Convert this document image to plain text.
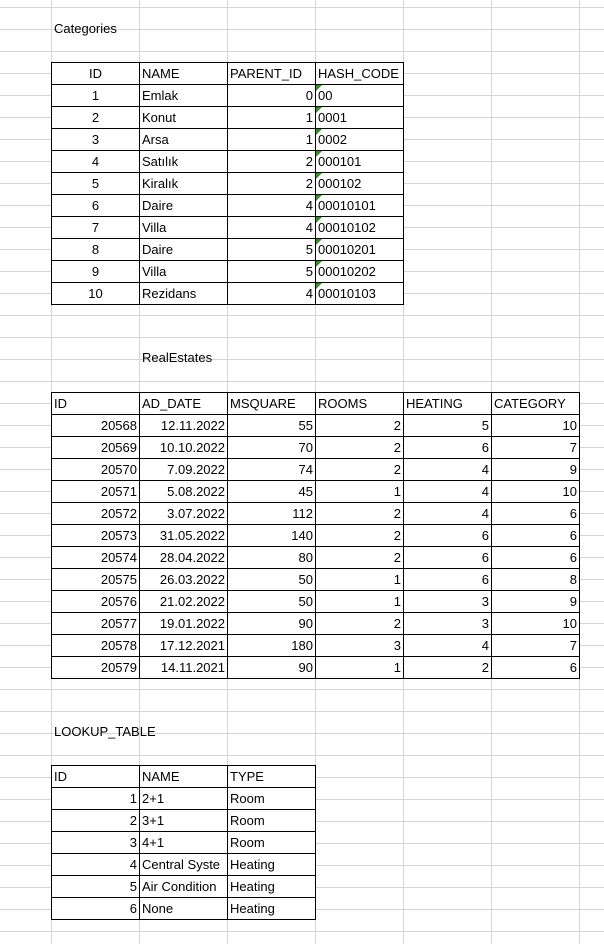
Categories
ID	NAME	PARENT_ID	HASH_CODE
1	Emlak	0	00
2	Konut	1	0001
3	Arsa	1	0002
4	Satılık	2	000101
5	Kiralık	2	000102
6	Daire	4	00010101
7	Villa	4	00010102
8	Daire	5	00010201
9	Villa	5	00010202
10	Rezidans	4	00010103
RealEstates
ID	AD_DATE	MSQUARE	ROOMS	HEATING	CATEGORY
20568	12.11.2022	55	2	5	10
20569	10.10.2022	70	2	6	7
20570	7.09.2022	74	2	4	9
20571	5.08.2022	45	1	4	10
20572	3.07.2022	112	2	4	6
20573	31.05.2022	140	2	6	6
20574	28.04.2022	80	2	6	6
20575	26.03.2022	50	1	6	8
20576	21.02.2022	50	1	3	9
20577	19.01.2022	90	2	3	10
20578	17.12.2021	180	3	4	7
20579	14.11.2021	90	1	2	6
LOOKUP_TABLE
ID	NAME	TYPE
1	2+1	Room
2	3+1	Room
3	4+1	Room
4	Central Syste	Heating
5	Air Condition	Heating
6	None	Heating
